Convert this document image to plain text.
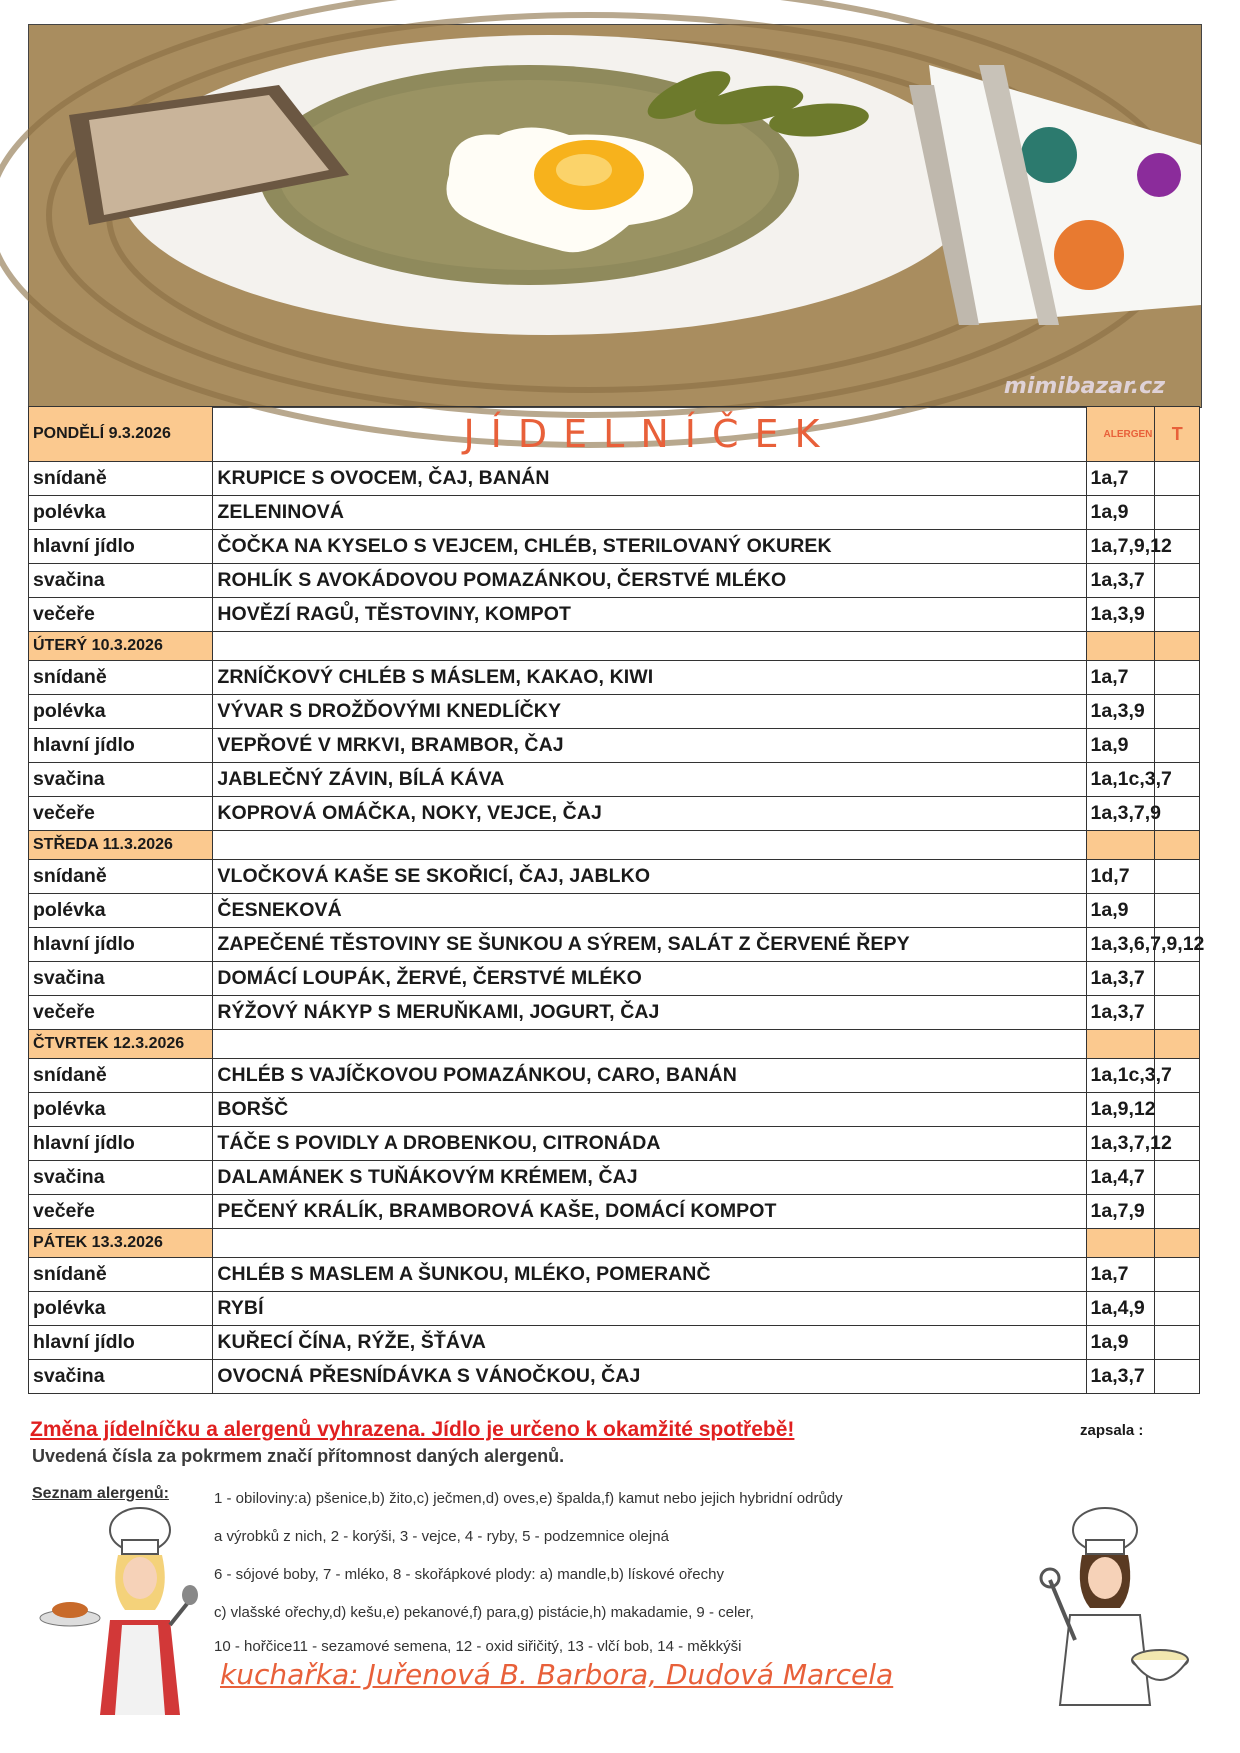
mimibazar.cz
PONDĚLÍ 9.3.2026	JÍDELNÍČEK	ALERGEN	T
snídaně	KRUPICE S OVOCEM, ČAJ, BANÁN	1a,7	
polévka	ZELENINOVÁ	1a,9	
hlavní jídlo	ČOČKA NA KYSELO S VEJCEM, CHLÉB, STERILOVANÝ OKUREK	1a,7,9,12	
svačina	ROHLÍK S AVOKÁDOVOU POMAZÁNKOU, ČERSTVÉ MLÉKO	1a,3,7	
večeře	HOVĚZÍ RAGŮ, TĚSTOVINY, KOMPOT	1a,3,9	
ÚTERÝ 10.3.2026			
snídaně	ZRNÍČKOVÝ CHLÉB S MÁSLEM, KAKAO, KIWI	1a,7	
polévka	VÝVAR S DROŽĎOVÝMI KNEDLÍČKY	1a,3,9	
hlavní jídlo	VEPŘOVÉ V MRKVI, BRAMBOR, ČAJ	1a,9	
svačina	JABLEČNÝ ZÁVIN, BÍLÁ KÁVA	1a,1c,3,7	
večeře	KOPROVÁ OMÁČKA, NOKY, VEJCE, ČAJ	1a,3,7,9	
STŘEDA 11.3.2026			
snídaně	VLOČKOVÁ KAŠE SE SKOŘICÍ, ČAJ, JABLKO	1d,7	
polévka	ČESNEKOVÁ	1a,9	
hlavní jídlo	ZAPEČENÉ TĚSTOVINY SE ŠUNKOU A SÝREM, SALÁT Z ČERVENÉ ŘEPY	1a,3,6,7,9,12	
svačina	DOMÁCÍ LOUPÁK, ŽERVÉ, ČERSTVÉ MLÉKO	1a,3,7	
večeře	RÝŽOVÝ NÁKYP S MERUŇKAMI, JOGURT, ČAJ	1a,3,7	
ČTVRTEK 12.3.2026			
snídaně	CHLÉB S VAJÍČKOVOU POMAZÁNKOU, CARO, BANÁN	1a,1c,3,7	
polévka	BORŠČ	1a,9,12	
hlavní jídlo	TÁČE S POVIDLY A DROBENKOU, CITRONÁDA	1a,3,7,12	
svačina	DALAMÁNEK S TUŇÁKOVÝM KRÉMEM, ČAJ	1a,4,7	
večeře	PEČENÝ KRÁLÍK, BRAMBOROVÁ KAŠE, DOMÁCÍ KOMPOT	1a,7,9	
PÁTEK 13.3.2026			
snídaně	CHLÉB S MASLEM A ŠUNKOU, MLÉKO, POMERANČ	1a,7	
polévka	RYBÍ	1a,4,9	
hlavní jídlo	KUŘECÍ ČÍNA, RÝŽE, ŠŤÁVA	1a,9	
svačina	OVOCNÁ PŘESNÍDÁVKA S VÁNOČKOU, ČAJ	1a,3,7	
Změna jídelníčku a alergenů vyhrazena. Jídlo je určeno k okamžité spotřebě!	zapsala :
Uvedená čísla za pokrmem značí přítomnost daných alergenů.
Seznam alergenů:	1 - obiloviny:a) pšenice,b) žito,c) ječmen,d) oves,e) špalda,f) kamut nebo jejich hybridní odrůdy
a výrobků z nich, 2 - korýši, 3 - vejce, 4 - ryby, 5 - podzemnice olejná
6 - sójové boby, 7 - mléko, 8 - skořápkové plody: a) mandle,b) lískové ořechy
c) vlašské ořechy,d) kešu,e) pekanové,f) para,g) pistácie,h) makadamie, 9 - celer,
10 - hořčice11 - sezamové semena, 12 - oxid siřičitý, 13 - vlčí bob, 14 - měkkýši
kuchařka: Juřenová B. Barbora, Dudová Marcela
